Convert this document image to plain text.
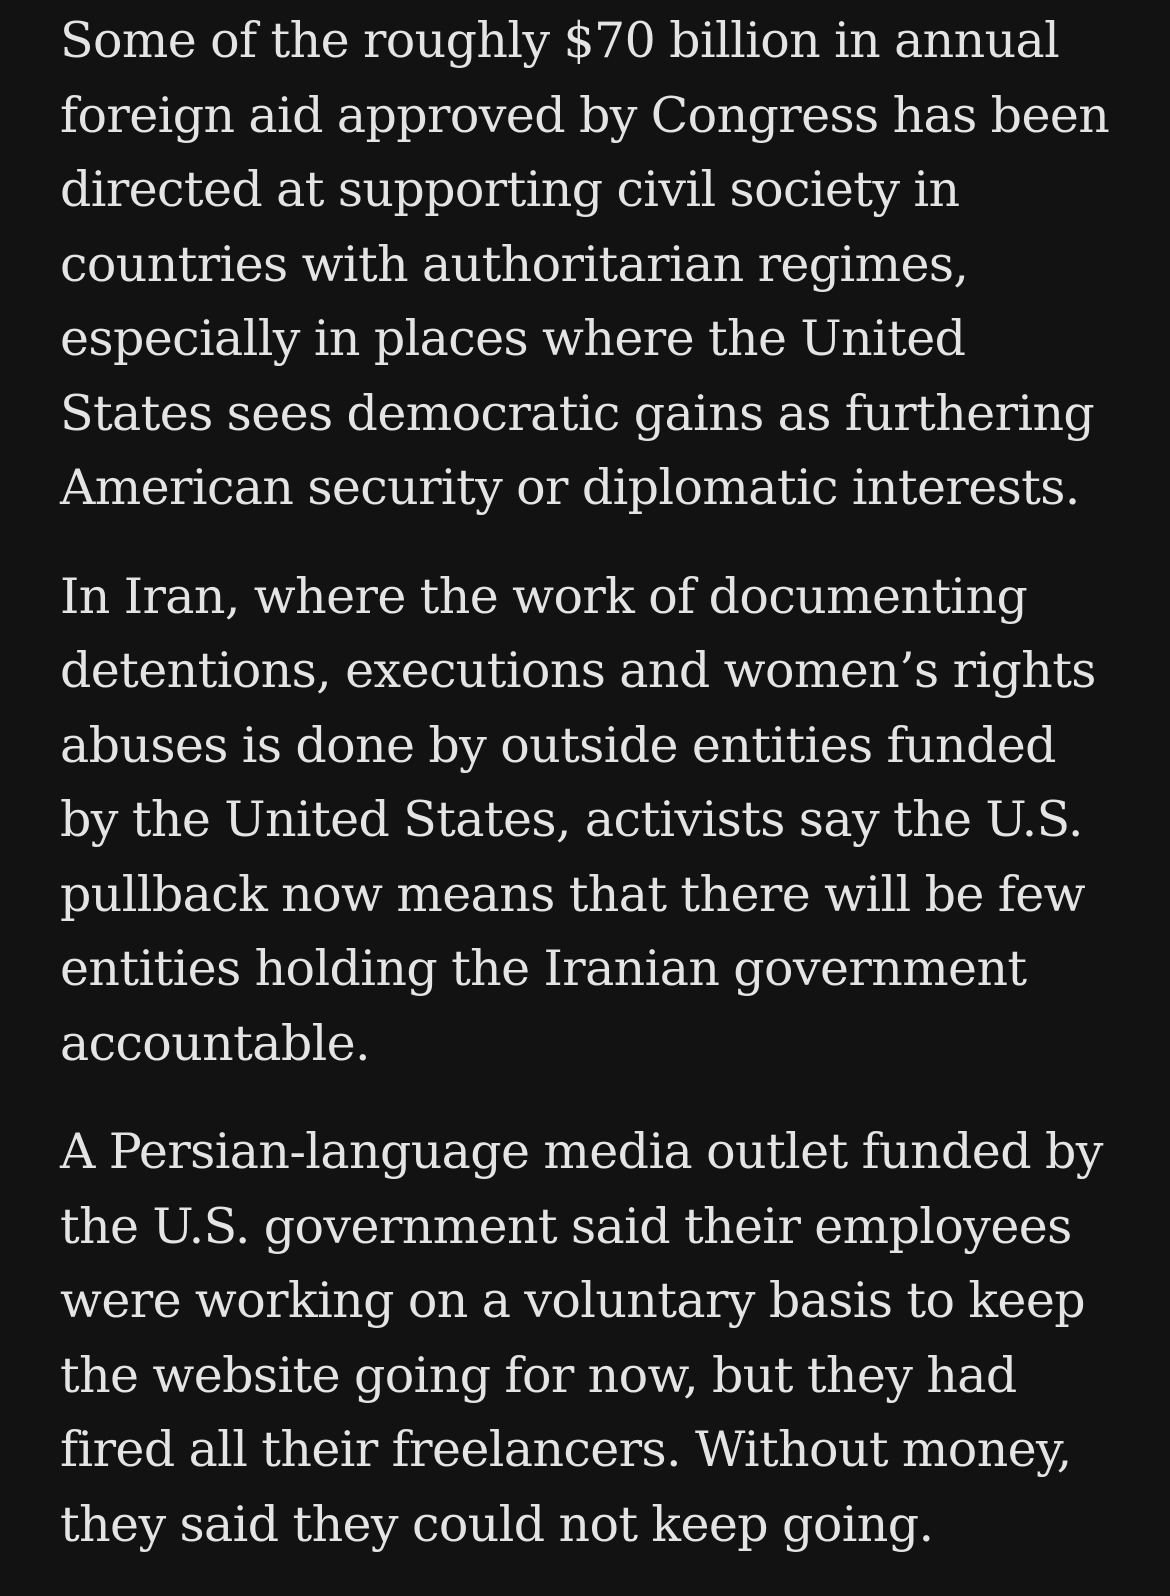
Some of the roughly $70 billion in annual
foreign aid approved by Congress has been
directed at supporting civil society in
countries with authoritarian regimes,
especially in places where the United
States sees democratic gains as furthering
American security or diplomatic interests.

In Iran, where the work of documenting
detentions, executions and women’s rights
abuses is done by outside entities funded
by the United States, activists say the U.S.
pullback now means that there will be few
entities holding the Iranian government
accountable.

A Persian-language media outlet funded by
the U.S. government said their employees
were working on a voluntary basis to keep
the website going for now, but they had
fired all their freelancers. Without money,
they said they could not keep going.
